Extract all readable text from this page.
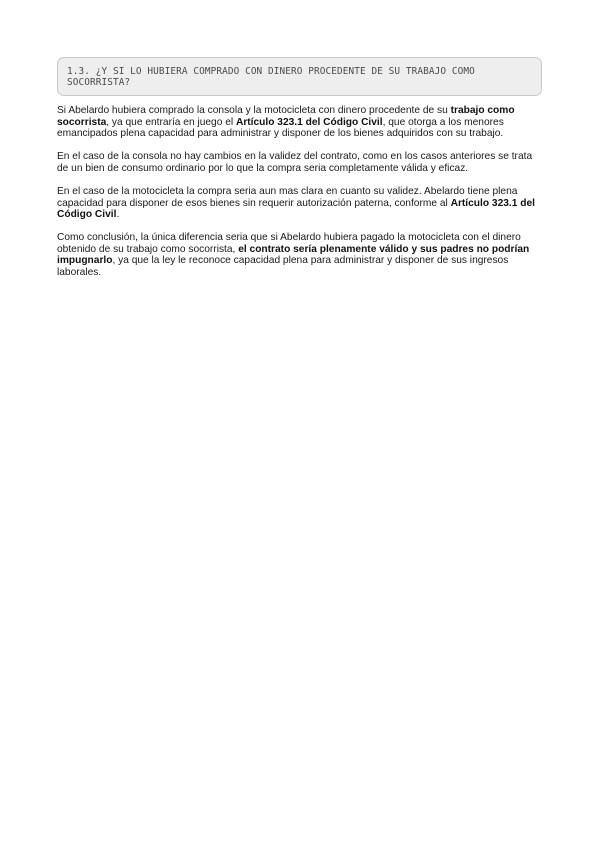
1.3. ¿Y SI LO HUBIERA COMPRADO CON DINERO PROCEDENTE DE SU TRABAJO COMO SOCORRISTA?

Si Abelardo hubiera comprado la consola y la motocicleta con dinero procedente de su trabajo como socorrista, ya que entraría en juego el Artículo 323.1 del Código Civil, que otorga a los menores emancipados plena capacidad para administrar y disponer de los bienes adquiridos con su trabajo.

En el caso de la consola no hay cambios en la validez del contrato, como en los casos anteriores se trata de un bien de consumo ordinario por lo que la compra seria completamente válida y eficaz.

En el caso de la motocicleta la compra seria aun mas clara en cuanto su validez. Abelardo tiene plena capacidad para disponer de esos bienes sin requerir autorización paterna, conforme al Artículo 323.1 del Código Civil.

Como conclusión, la única diferencia seria que si Abelardo hubiera pagado la motocicleta con el dinero obtenido de su trabajo como socorrista, el contrato sería plenamente válido y sus padres no podrían impugnarlo, ya que la ley le reconoce capacidad plena para administrar y disponer de sus ingresos laborales.
